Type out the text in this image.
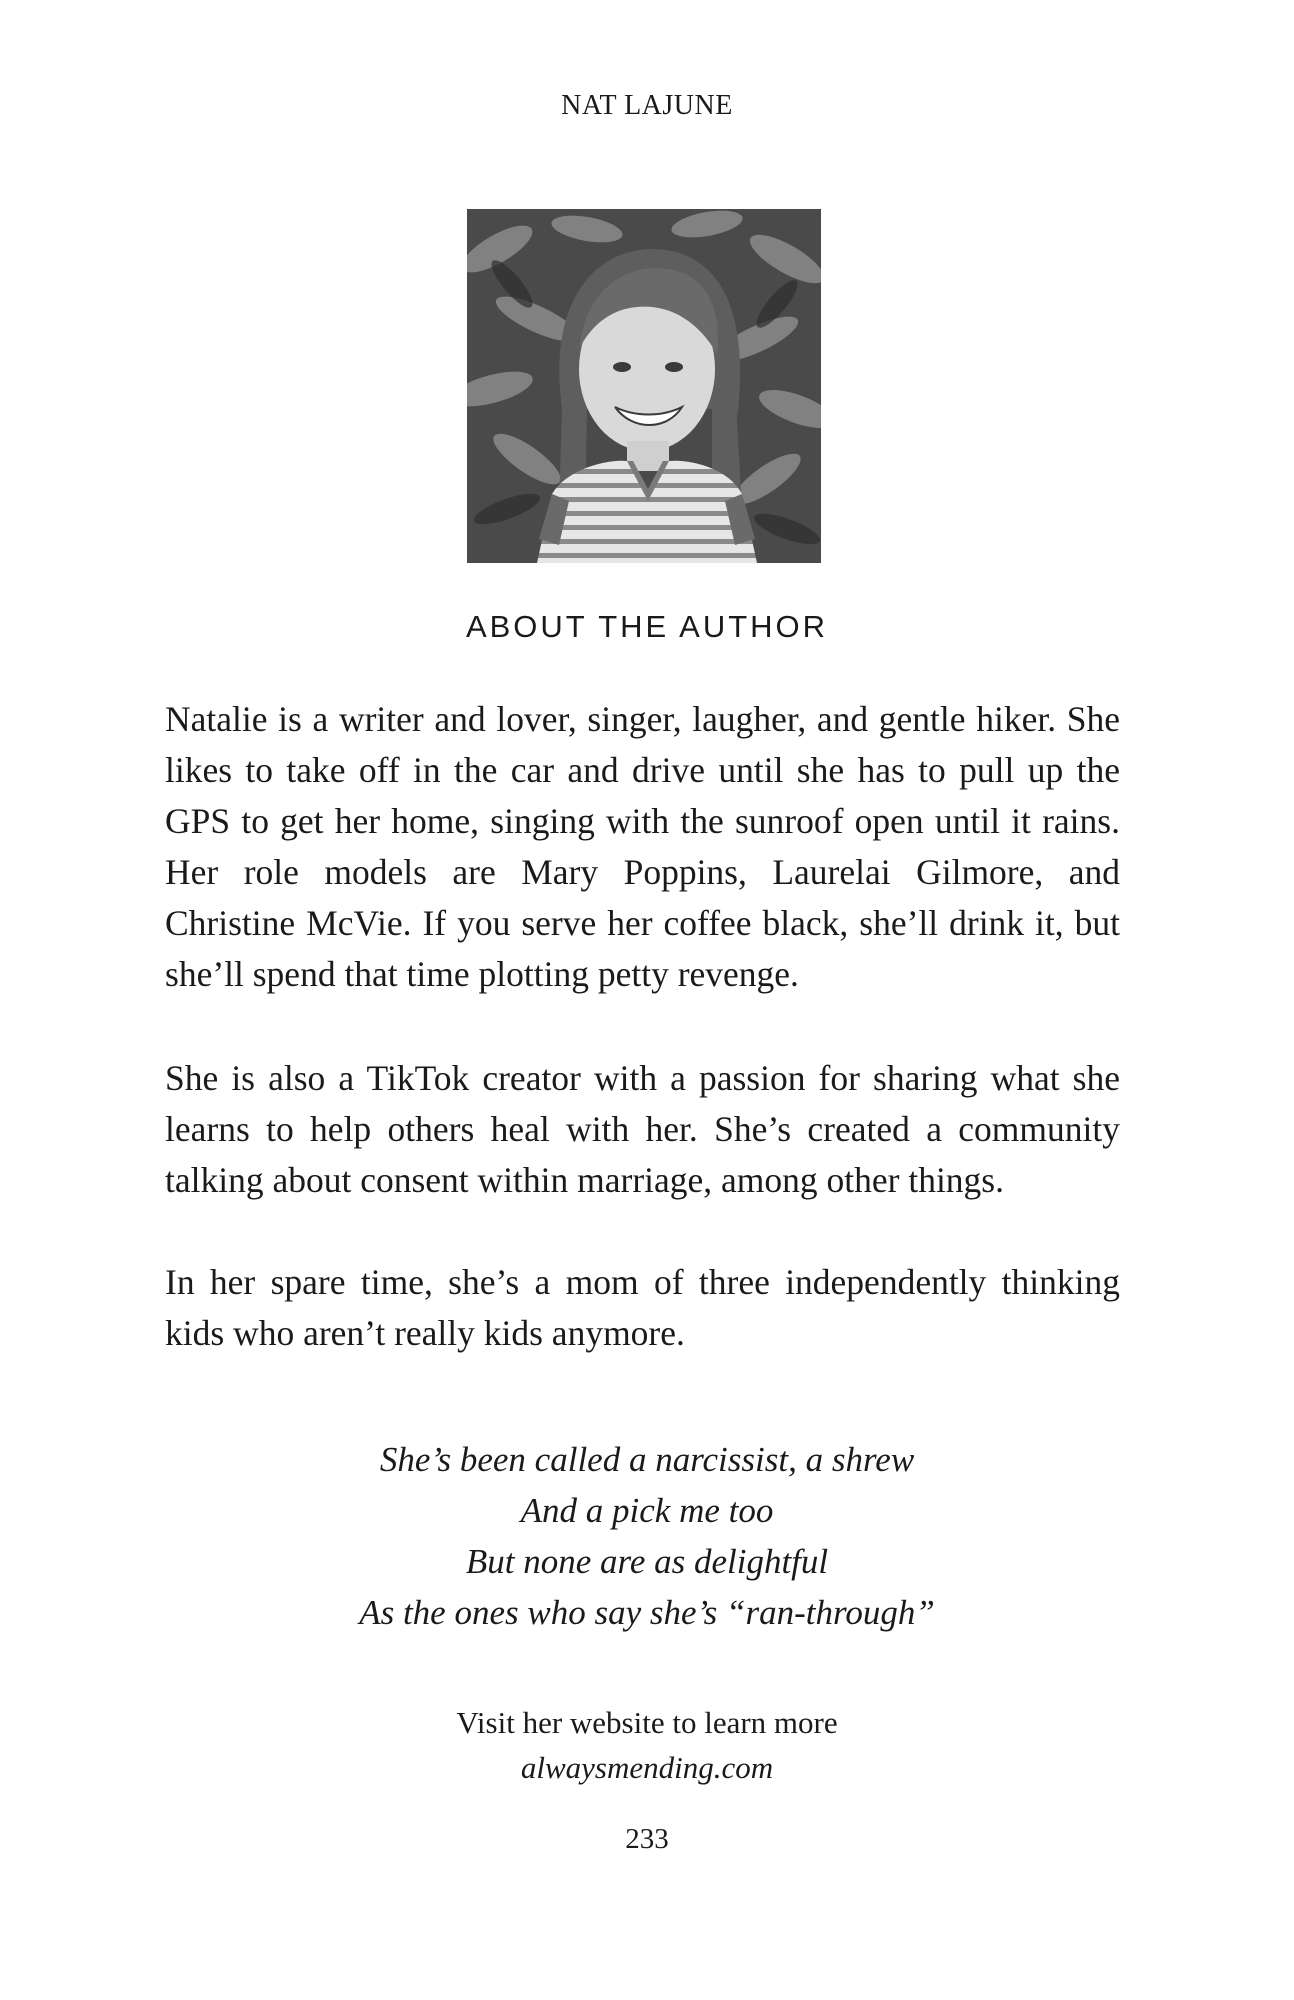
NAT LAJUNE
ABOUT THE AUTHOR

Natalie is a writer and lover, singer, laugher, and gentle hiker. She likes to take off in the car and drive until she has to pull up the GPS to get her home, singing with the sunroof open until it rains. Her role models are Mary Poppins, Laurelai Gilmore, and Christine McVie. If you serve her coffee black, she’ll drink it, but she’ll spend that time plotting petty revenge.

She is also a TikTok creator with a passion for sharing what she learns to help others heal with her. She’s created a community talking about consent within marriage, among other things.

In her spare time, she’s a mom of three independently thinking kids who aren’t really kids anymore.

She’s been called a narcissist, a shrew
And a pick me too
But none are as delightful
As the ones who say she’s “ran-through”
Visit her website to learn more
alwaysmending.com
233
